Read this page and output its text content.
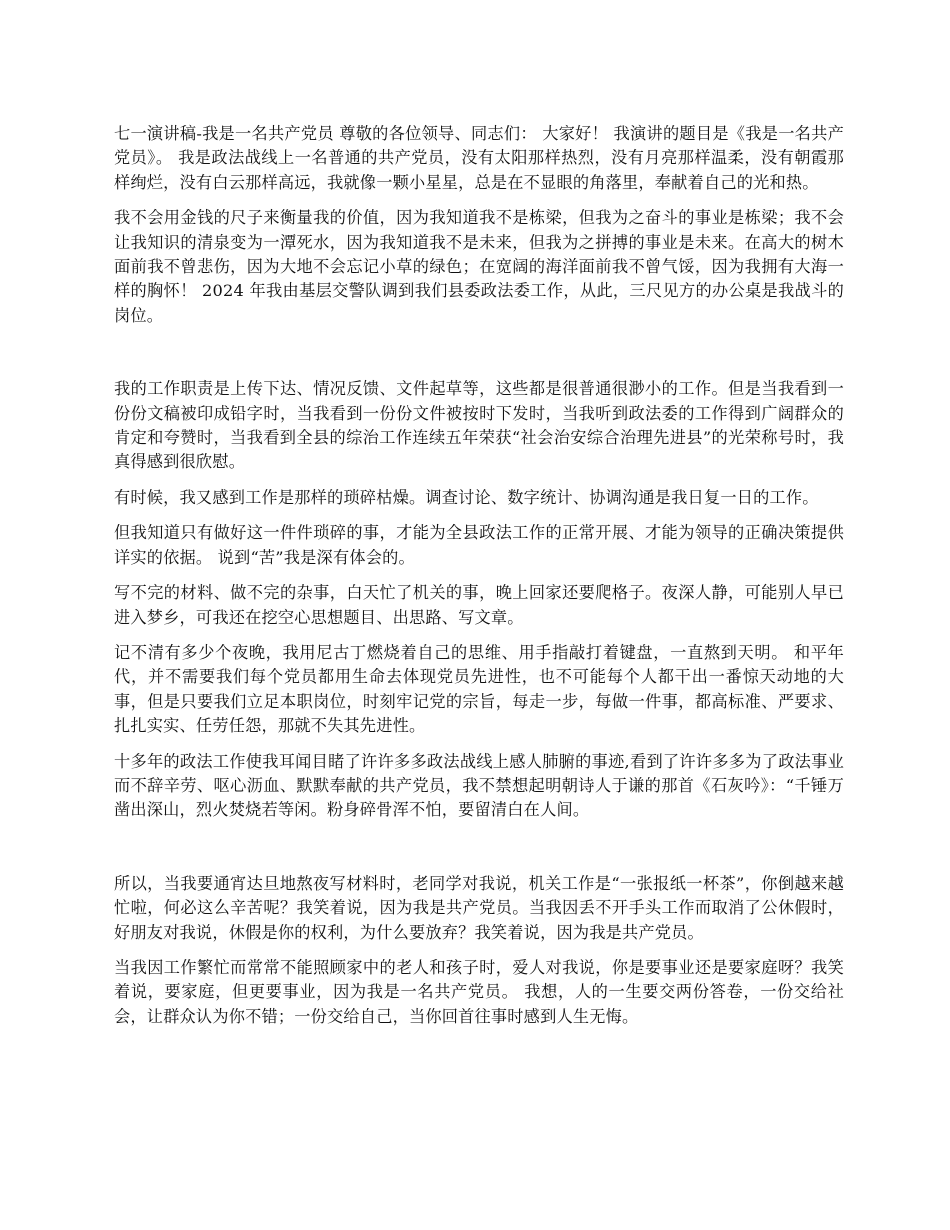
七一演讲稿-我是一名共产党员 尊敬的各位领导、同志们： 大家好！ 我演讲的题目是《我是一名共产党员》。 我是政法战线上一名普通的共产党员，没有太阳那样热烈，没有月亮那样温柔，没有朝霞那样绚烂，没有白云那样高远，我就像一颗小星星，总是在不显眼的角落里，奉献着自己的光和热。

我不会用金钱的尺子来衡量我的价值，因为我知道我不是栋梁，但我为之奋斗的事业是栋梁；我不会让我知识的清泉变为一潭死水，因为我知道我不是未来，但我为之拼搏的事业是未来。在高大的树木面前我不曾悲伤，因为大地不会忘记小草的绿色；在宽阔的海洋面前我不曾气馁，因为我拥有大海一样的胸怀！ 2024 年我由基层交警队调到我们县委政法委工作，从此，三尺见方的办公桌是我战斗的岗位。

我的工作职责是上传下达、情况反馈、文件起草等，这些都是很普通很渺小的工作。但是当我看到一份份文稿被印成铅字时，当我看到一份份文件被按时下发时，当我听到政法委的工作得到广阔群众的肯定和夸赞时，当我看到全县的综治工作连续五年荣获“社会治安综合治理先进县”的光荣称号时，我真得感到很欣慰。

有时候，我又感到工作是那样的琐碎枯燥。调查讨论、数字统计、协调沟通是我日复一日的工作。

但我知道只有做好这一件件琐碎的事，才能为全县政法工作的正常开展、才能为领导的正确决策提供详实的依据。 说到“苦”我是深有体会的。

写不完的材料、做不完的杂事，白天忙了机关的事，晚上回家还要爬格子。夜深人静，可能别人早已进入梦乡，可我还在挖空心思想题目、出思路、写文章。

记不清有多少个夜晚，我用尼古丁燃烧着自己的思维、用手指敲打着键盘，一直熬到天明。 和平年代，并不需要我们每个党员都用生命去体现党员先进性，也不可能每个人都干出一番惊天动地的大事，但是只要我们立足本职岗位，时刻牢记党的宗旨，每走一步，每做一件事，都高标准、严要求、扎扎实实、任劳任怨，那就不失其先进性。

十多年的政法工作使我耳闻目睹了许许多多政法战线上感人肺腑的事迹,看到了许许多多为了政法事业而不辞辛劳、呕心沥血、默默奉献的共产党员，我不禁想起明朝诗人于谦的那首《石灰吟》：“千锤万凿出深山，烈火焚烧若等闲。粉身碎骨浑不怕，要留清白在人间。

所以，当我要通宵达旦地熬夜写材料时，老同学对我说，机关工作是“一张报纸一杯茶”，你倒越来越忙啦，何必这么辛苦呢？我笑着说，因为我是共产党员。当我因丢不开手头工作而取消了公休假时，好朋友对我说，休假是你的权利，为什么要放弃？我笑着说，因为我是共产党员。

当我因工作繁忙而常常不能照顾家中的老人和孩子时，爱人对我说，你是要事业还是要家庭呀？我笑着说，要家庭，但更要事业，因为我是一名共产党员。 我想，人的一生要交两份答卷，一份交给社会，让群众认为你不错；一份交给自己，当你回首往事时感到人生无悔。
